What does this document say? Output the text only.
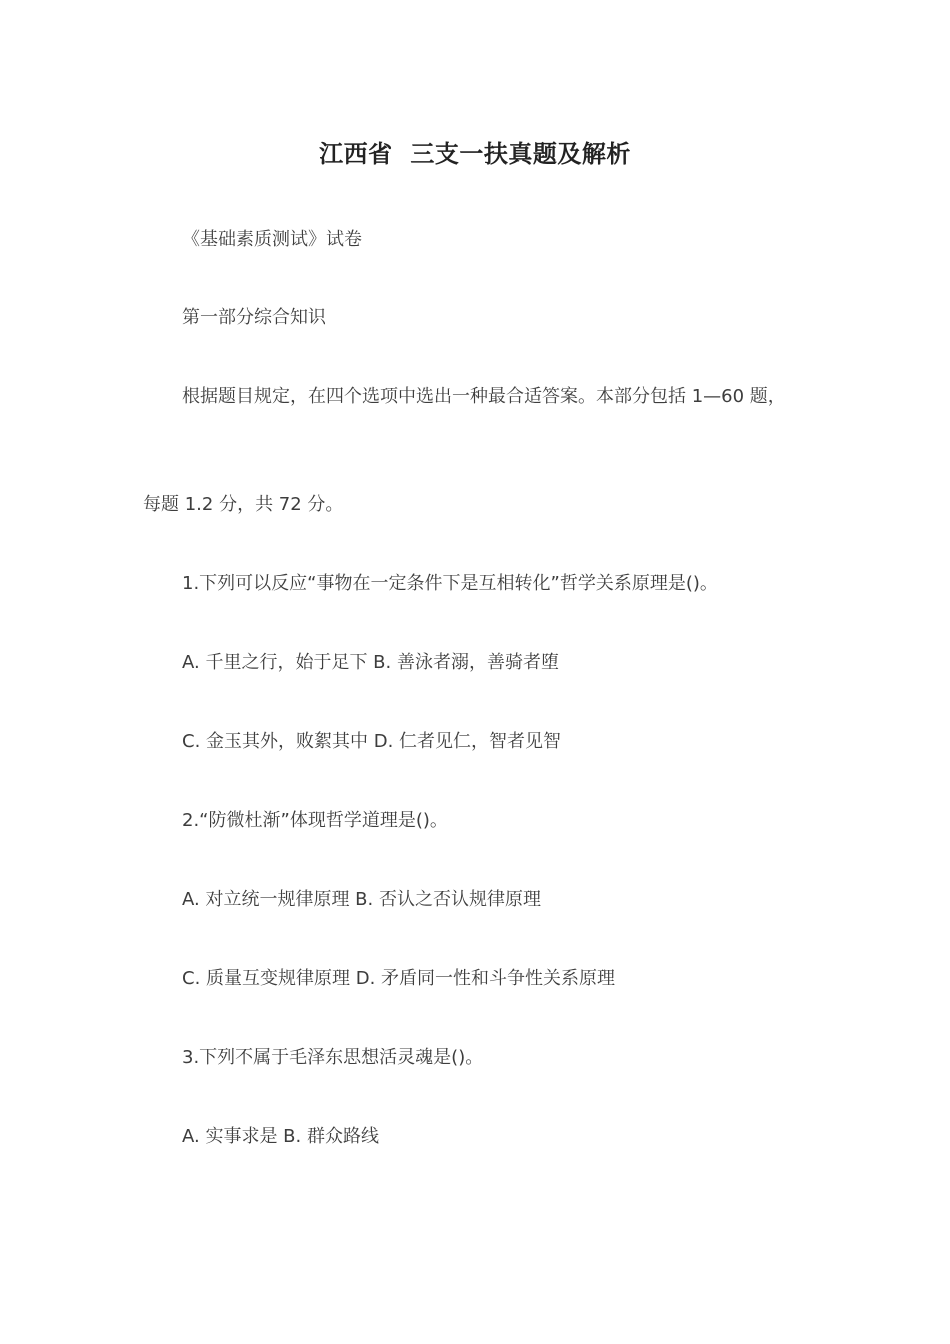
江西省  三支一扶真题及解析
《基础素质测试》试卷
第一部分综合知识
根据题目规定，在四个选项中选出一种最合适答案。本部分包括 1—60 题，
每题 1.2 分，共 72 分。
1.下列可以反应“事物在一定条件下是互相转化”哲学关系原理是()。
A. 千里之行，始于足下 B. 善泳者溺，善骑者堕
C. 金玉其外，败絮其中 D. 仁者见仁，智者见智
2.“防微杜渐”体现哲学道理是()。
A. 对立统一规律原理 B. 否认之否认规律原理
C. 质量互变规律原理 D. 矛盾同一性和斗争性关系原理
3.下列不属于毛泽东思想活灵魂是()。
A. 实事求是 B. 群众路线
